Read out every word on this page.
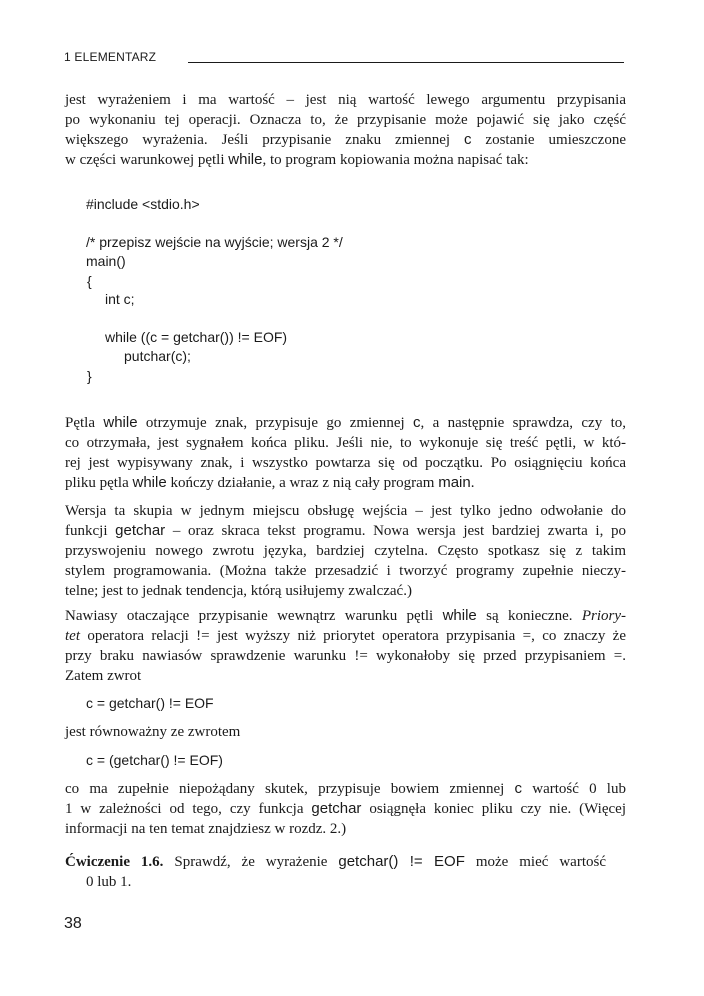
1 ELEMENTARZ
jest wyrażeniem i ma wartość – jest nią wartość lewego argumentu przypisania
po wykonaniu tej operacji. Oznacza to, że przypisanie może pojawić się jako część
większego wyrażenia. Jeśli przypisanie znaku zmiennej c zostanie umieszczone
w części warunkowej pętli while, to program kopiowania można napisać tak:
#include <stdio.h>
/* przepisz wejście na wyjście; wersja 2 */
main()
{
int c;
while ((c = getchar()) != EOF)
putchar(c);
}
Pętla while otrzymuje znak, przypisuje go zmiennej c, a następnie sprawdza, czy to,
co otrzymała, jest sygnałem końca pliku. Jeśli nie, to wykonuje się treść pętli, w któ-
rej jest wypisywany znak, i wszystko powtarza się od początku. Po osiągnięciu końca
pliku pętla while kończy działanie, a wraz z nią cały program main.
Wersja ta skupia w jednym miejscu obsługę wejścia – jest tylko jedno odwołanie do
funkcji getchar – oraz skraca tekst programu. Nowa wersja jest bardziej zwarta i, po
przyswojeniu nowego zwrotu języka, bardziej czytelna. Często spotkasz się z takim
stylem programowania. (Można także przesadzić i tworzyć programy zupełnie nieczy-
telne; jest to jednak tendencja, którą usiłujemy zwalczać.)
Nawiasy otaczające przypisanie wewnątrz warunku pętli while są konieczne. Priory-
tet operatora relacji != jest wyższy niż priorytet operatora przypisania =, co znaczy że
przy braku nawiasów sprawdzenie warunku != wykonałoby się przed przypisaniem =.
Zatem zwrot
c = getchar() != EOF
jest równoważny ze zwrotem
c = (getchar() != EOF)
co ma zupełnie niepożądany skutek, przypisuje bowiem zmiennej c wartość 0 lub
1 w zależności od tego, czy funkcja getchar osiągnęła koniec pliku czy nie. (Więcej
informacji na ten temat znajdziesz w rozdz. 2.)
Ćwiczenie 1.6. Sprawdź, że wyrażenie getchar() != EOF może mieć wartość
0 lub 1.
38
